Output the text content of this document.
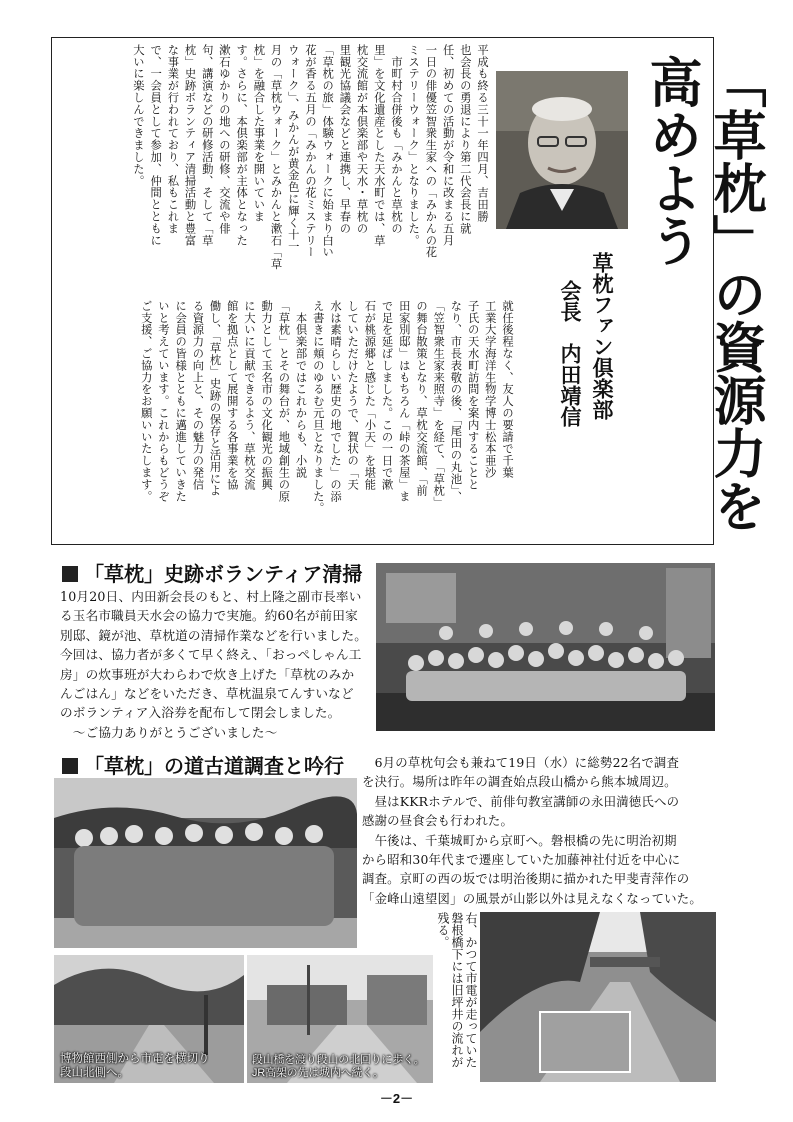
平成も終る三十一年四月、吉田勝

也会長の勇退により第二代会長に就

任、初めての活動が令和に改まる五月

一日の俳優笠智衆生家への「みかんの花

ミステリーウォーク」となりました。

　市町村合併後も「みかんと草枕の

里」を文化遺産とした天水町では、草

枕交流館が本倶楽部や天水・草枕の

里観光協議会などと連携し、早春の

「草枕の旅」体験ウォークに始まり白い

花が香る五月の「みかんの花ミステリー

ウォーク」、みかんが黄金色に輝く十一

月の「草枕ウォーク」とみかんと漱石「草

枕」を融合した事業を開いていま

す。さらに、本倶楽部が主体となった

漱石ゆかりの地への研修、交流や俳

句、講演などの研修活動、そして「草

枕」史跡ボランティア清掃活動と豊富

な事業が行われており、私もこれま

で、一会員として参加、仲間とともに

大いに楽しんできました。

就任後程なく、友人の要請で千葉

工業大学海洋生物学博士松本亜沙

子氏の天水町訪問を案内することと

なり、市長表敬の後、「尾田の丸池」、

「笠智衆生家来照寺」を経て、「草枕」

の舞台散策となり、草枕交流館、「前

田家別邸」はもちろん「峠の茶屋」ま

で足を延ばしました。この一日で漱

石が桃源郷と感じた「小天」を堪能

していただけたようで、賀状の「天

水は素晴らしい歴史の地でした」の添

え書きに頬のゆるむ元旦となりました。

　本倶楽部ではこれからも、小説

「草枕」とその舞台が、地域創生の原

動力として玉名市の文化観光の振興

に大いに貢献できるよう、草枕交流

館を拠点として展開する各事業を協

働し、「草枕」史跡の保存と活用によ

る資源力の向上と、その魅力の発信

に会員の皆様とともに邁進していきた

いと考えています。これからもどうぞ

ご支援、ご協力をお願いいたします。	「草枕」の資源力を高めよう
草枕ファン倶楽部
会長　内田靖信
「草枕」史跡ボランティア清掃

10月20日、内田新会長のもと、村上隆之副市長率い

る玉名市職員天水会の協力で実施。約60名が前田家

別邸、鏡が池、草枕道の清掃作業などを行いました。

今回は、協力者が多くて早く終え、「おっぺしゃん工

房」の炊事班が大わらわで炊き上げた「草枕のみか

んごはん」などをいただき、草枕温泉てんすいなど

のボランティア入浴券を配布して閉会しました。

　～ご協力ありがとうございました～

「草枕」の道古道調査と吟行 　6月の草枕句会も兼ねて19日（水）に総勢22名で調査

を決行。場所は昨年の調査始点段山橋から熊本城周辺。

　昼はKKRホテルで、前俳句教室講師の永田満徳氏への

感謝の昼食会も行われた。

　午後は、千葉城町から京町へ。磐根橋の先に明治初期

から昭和30年代まで遷座していた加藤神社付近を中心に

調査。京町の西の坂では明治後期に描かれた甲斐青萍作の

「金峰山遠望図」の風景が山影以外は見えなくなっていた。

博物館西側から市電を横切り
段山北側へ。
段山橋を渡り段山の北回りに歩く。
JR高架の先は城内へ続く。
右、かつて市電が走っていた磐根橋下には旧坪井の流れが残る。
－2－
